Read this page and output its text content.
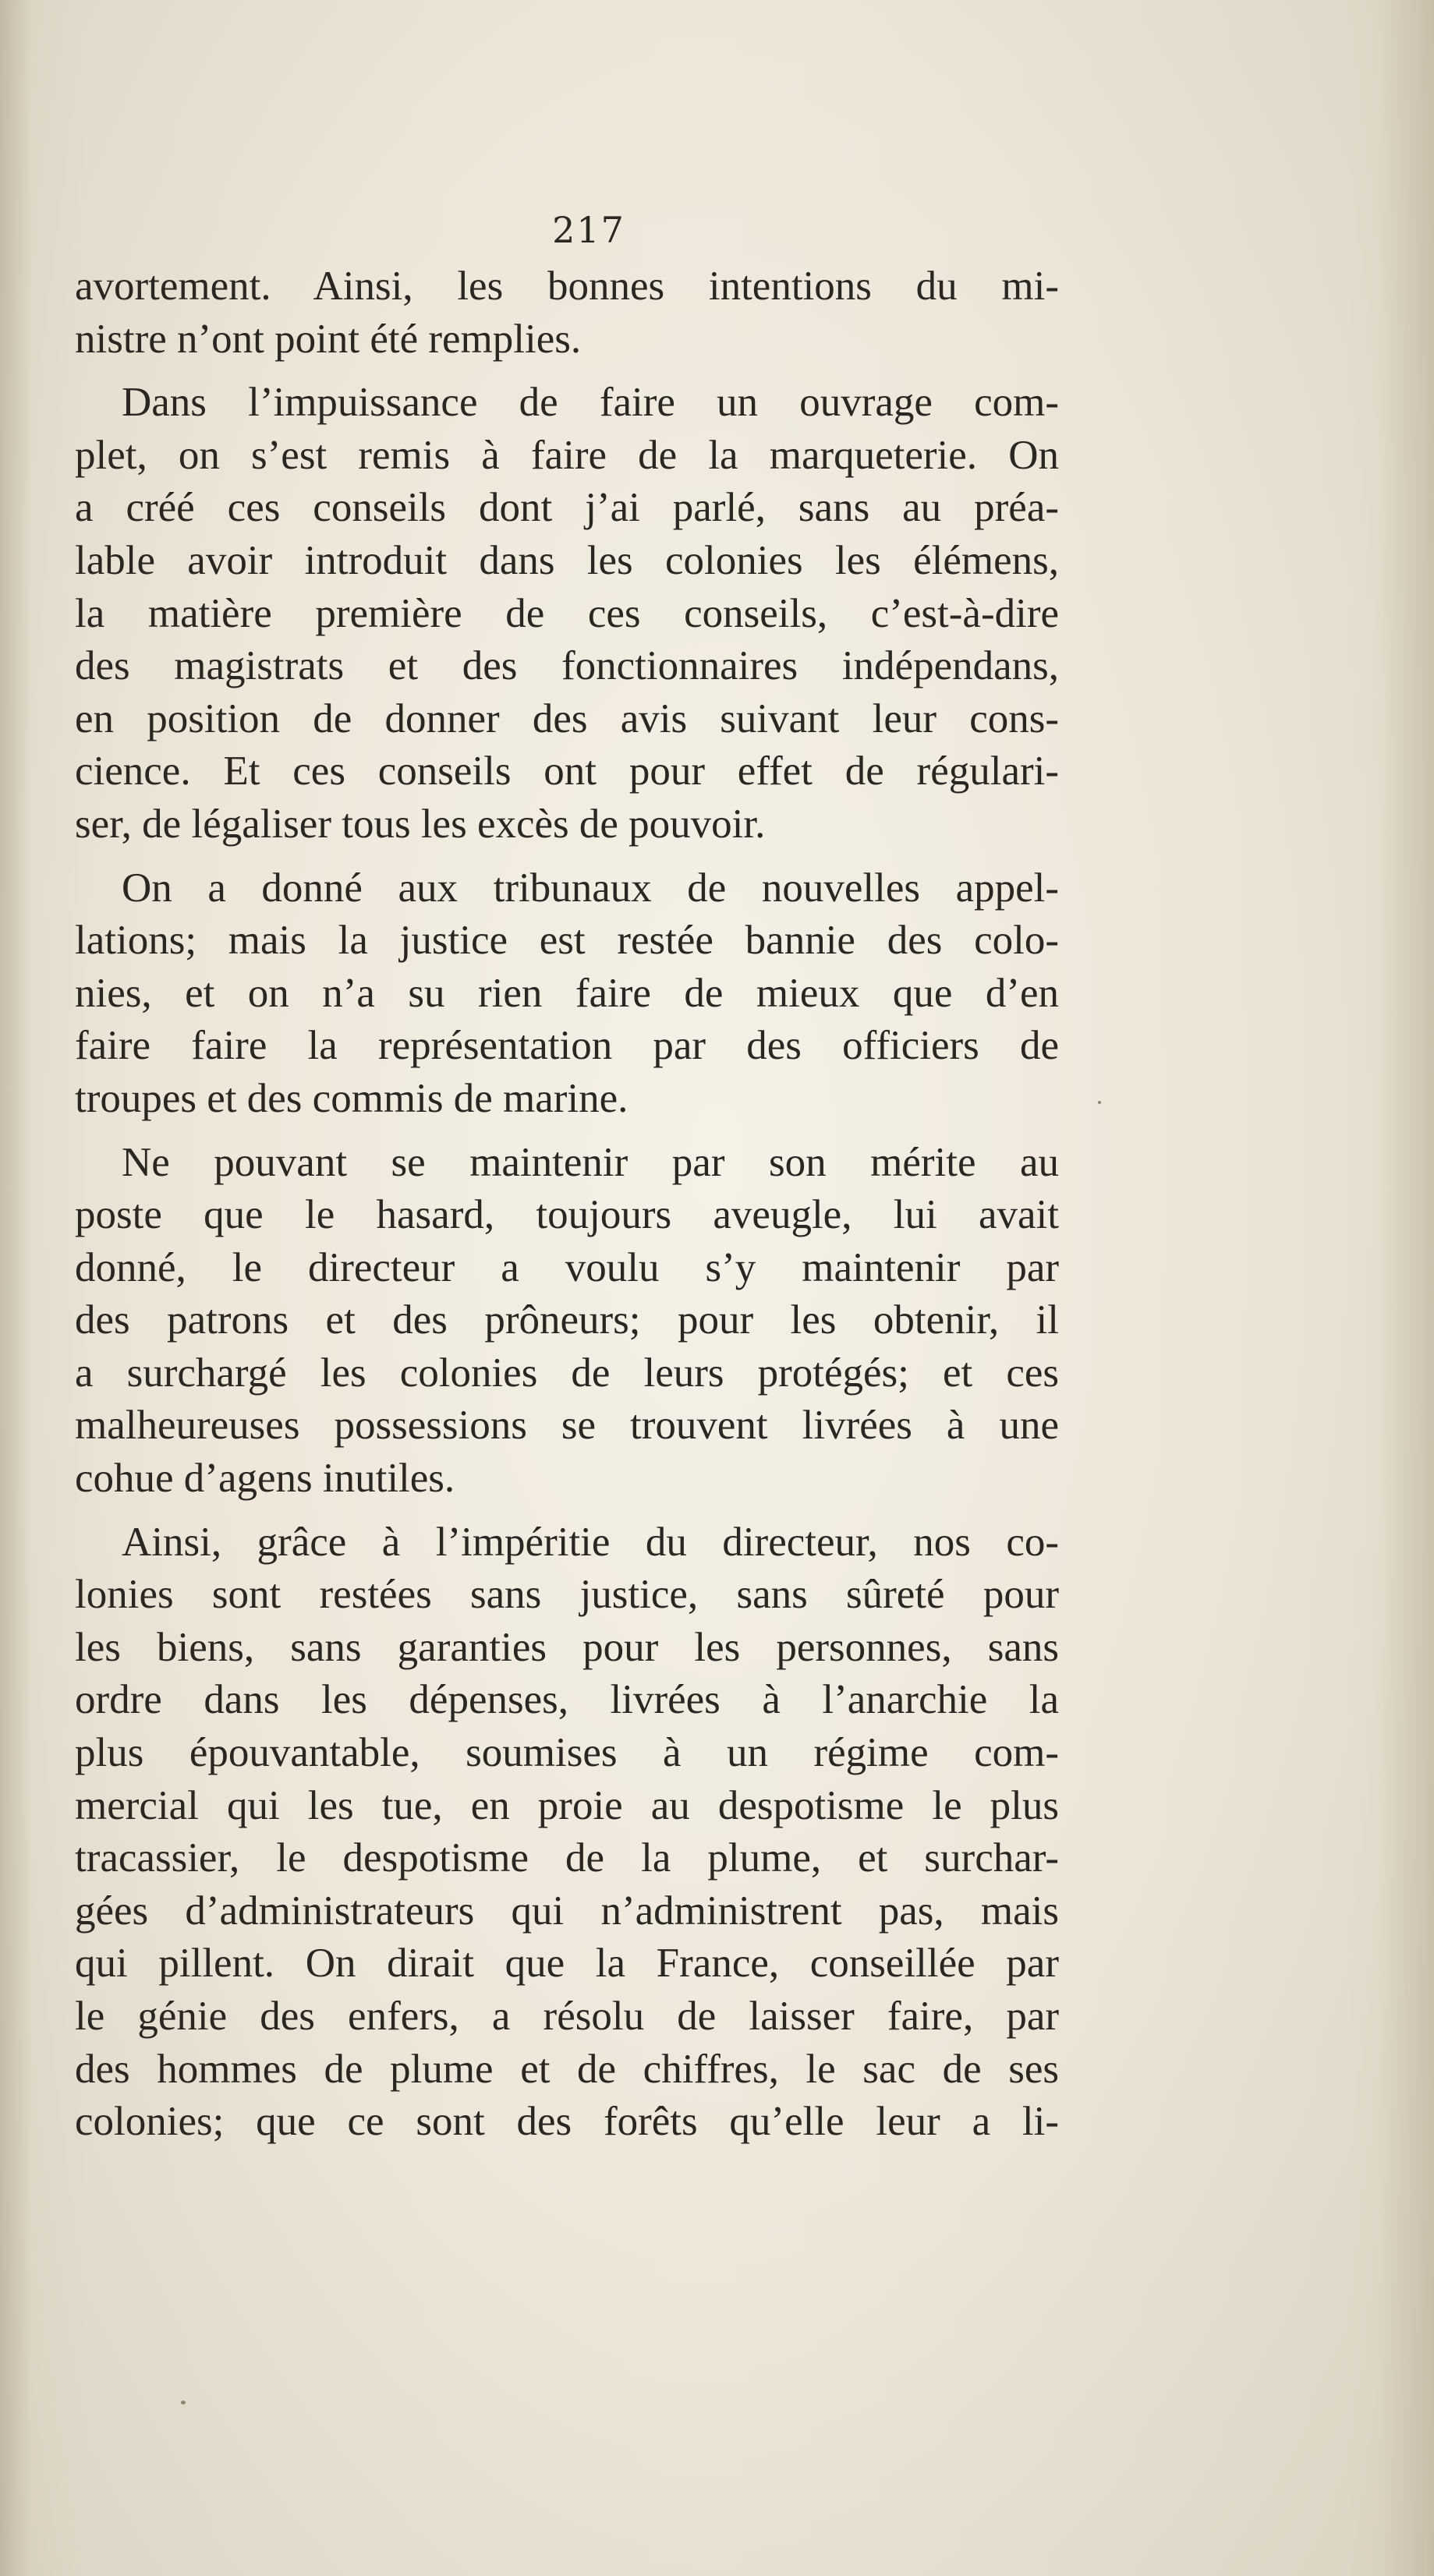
217
avortement. Ainsi, les bonnes intentions du mi-
nistre n’ont point été remplies.
Dans l’impuissance de faire un ouvrage com-
plet, on s’est remis à faire de la marqueterie. On
a créé ces conseils dont j’ai parlé, sans au préa-
lable avoir introduit dans les colonies les élémens,
la matière première de ces conseils, c’est-à-dire
des magistrats et des fonctionnaires indépendans,
en position de donner des avis suivant leur cons-
cience. Et ces conseils ont pour effet de régulari-
ser, de légaliser tous les excès de pouvoir.
On a donné aux tribunaux de nouvelles appel-
lations; mais la justice est restée bannie des colo-
nies, et on n’a su rien faire de mieux que d’en
faire faire la représentation par des officiers de
troupes et des commis de marine.
Ne pouvant se maintenir par son mérite au
poste que le hasard, toujours aveugle, lui avait
donné, le directeur a voulu s’y maintenir par
des patrons et des prôneurs; pour les obtenir, il
a surchargé les colonies de leurs protégés; et ces
malheureuses possessions se trouvent livrées à une
cohue d’agens inutiles.
Ainsi, grâce à l’impéritie du directeur, nos co-
lonies sont restées sans justice, sans sûreté pour
les biens, sans garanties pour les personnes, sans
ordre dans les dépenses, livrées à l’anarchie la
plus épouvantable, soumises à un régime com-
mercial qui les tue, en proie au despotisme le plus
tracassier, le despotisme de la plume, et surchar-
gées d’administrateurs qui n’administrent pas, mais
qui pillent. On dirait que la France, conseillée par
le génie des enfers, a résolu de laisser faire, par
des hommes de plume et de chiffres, le sac de ses
colonies; que ce sont des forêts qu’elle leur a li-
